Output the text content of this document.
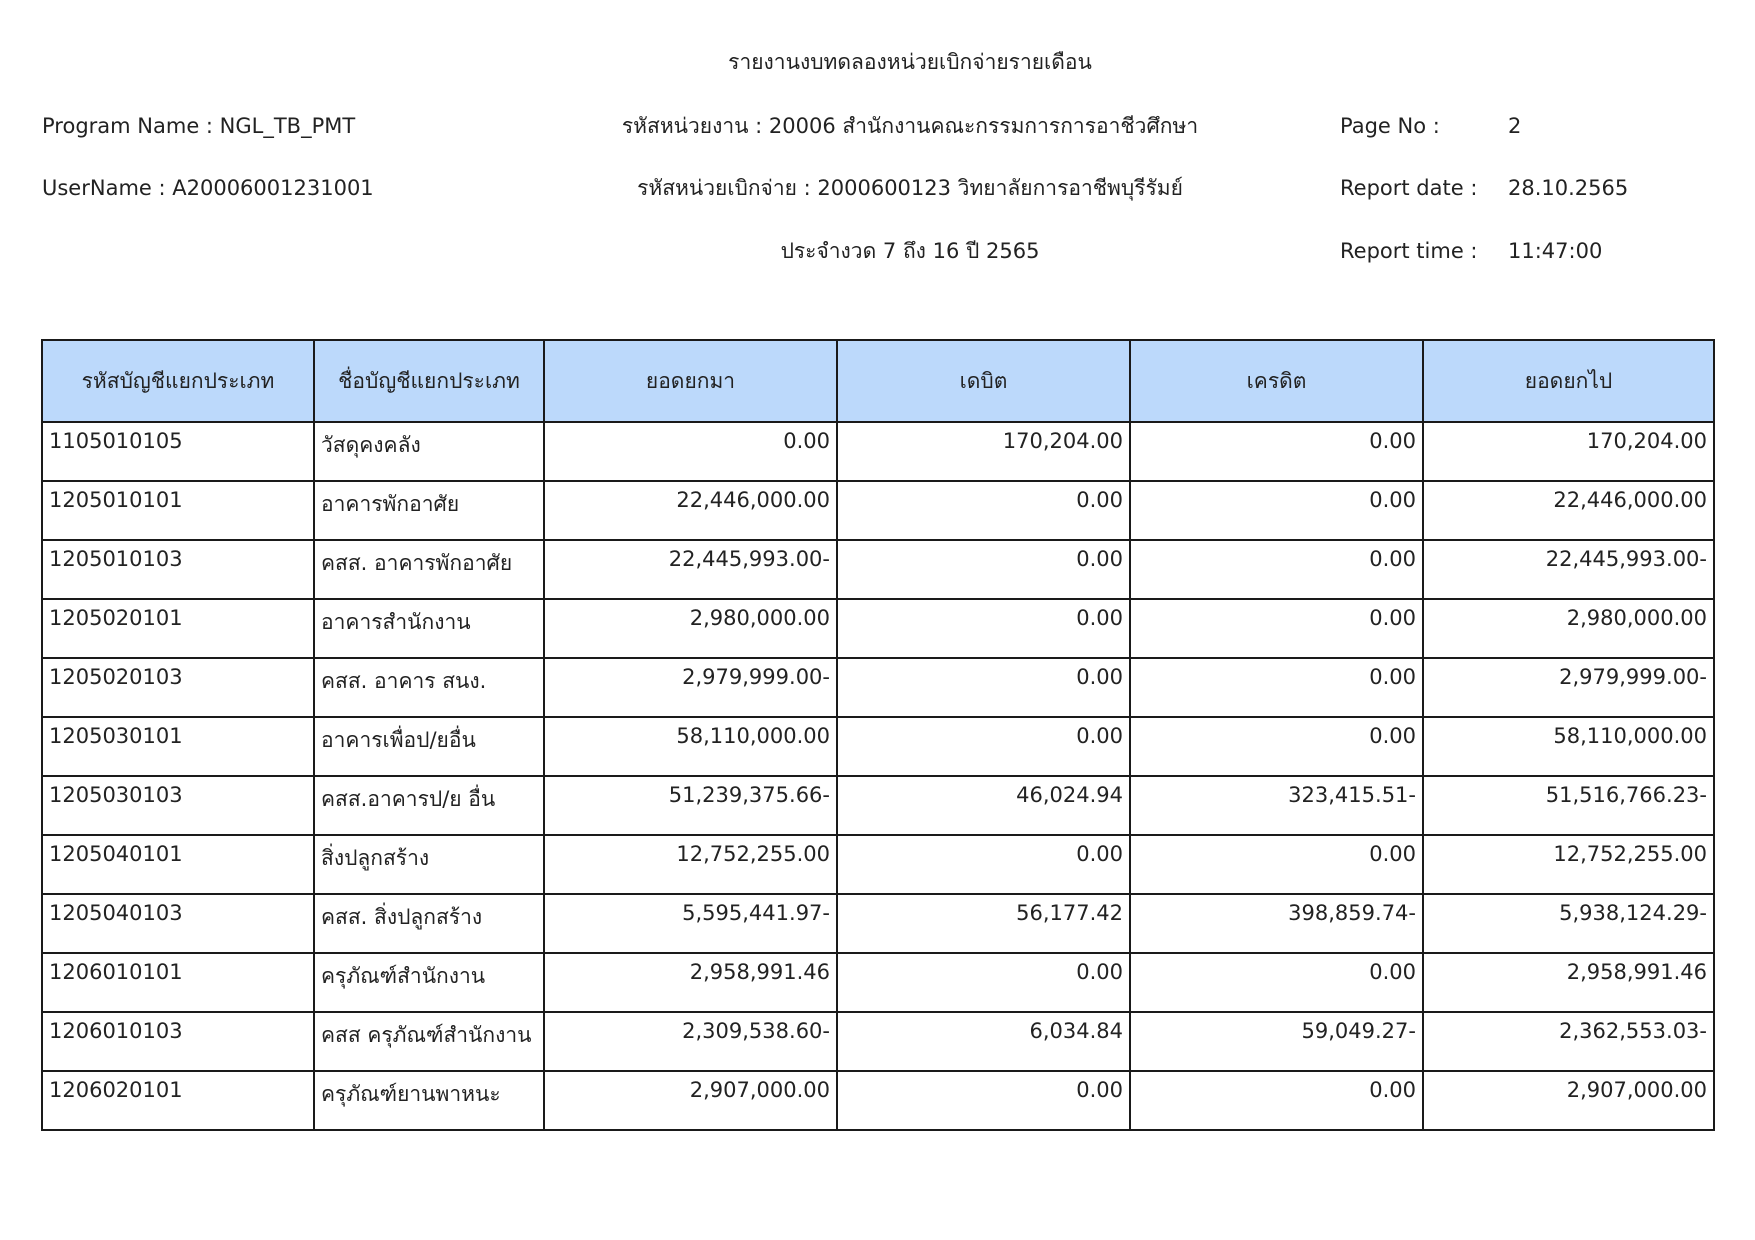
รายงานงบทดลองหน่วยเบิกจ่ายรายเดือน
Program Name : NGL_TB_PMT	รหัสหน่วยงาน : 20006 สำนักงานคณะกรรมการการอาชีวศึกษา	Page No :	2
UserName : A20006001231001	รหัสหน่วยเบิกจ่าย : 2000600123 วิทยาลัยการอาชีพบุรีรัมย์	Report date : 28.10.2565
ประจำงวด 7 ถึง 16 ปี 2565	Report time : 11:47:00
รหัสบัญชีแยกประเภท	ชื่อบัญชีแยกประเภท	ยอดยกมา	เดบิต	เครดิต	ยอดยกไป
1105010105	วัสดุคงคลัง	0.00	170,204.00	0.00	170,204.00
1205010101	อาคารพักอาศัย	22,446,000.00	0.00	0.00	22,446,000.00
1205010103	คสส. อาคารพักอาศัย	22,445,993.00-	0.00	0.00	22,445,993.00-
1205020101	อาคารสำนักงาน	2,980,000.00	0.00	0.00	2,980,000.00
1205020103	คสส. อาคาร สนง.	2,979,999.00-	0.00	0.00	2,979,999.00-
1205030101	อาคารเพื่อป/ยอื่น	58,110,000.00	0.00	0.00	58,110,000.00
1205030103	คสส.อาคารป/ย อื่น	51,239,375.66-	46,024.94	323,415.51-	51,516,766.23-
1205040101	สิ่งปลูกสร้าง	12,752,255.00	0.00	0.00	12,752,255.00
1205040103	คสส. สิ่งปลูกสร้าง	5,595,441.97-	56,177.42	398,859.74-	5,938,124.29-
1206010101	ครุภัณฑ์สำนักงาน	2,958,991.46	0.00	0.00	2,958,991.46
1206010103	คสส ครุภัณฑ์สำนักงาน	2,309,538.60-	6,034.84	59,049.27-	2,362,553.03-
1206020101	ครุภัณฑ์ยานพาหนะ	2,907,000.00	0.00	0.00	2,907,000.00
